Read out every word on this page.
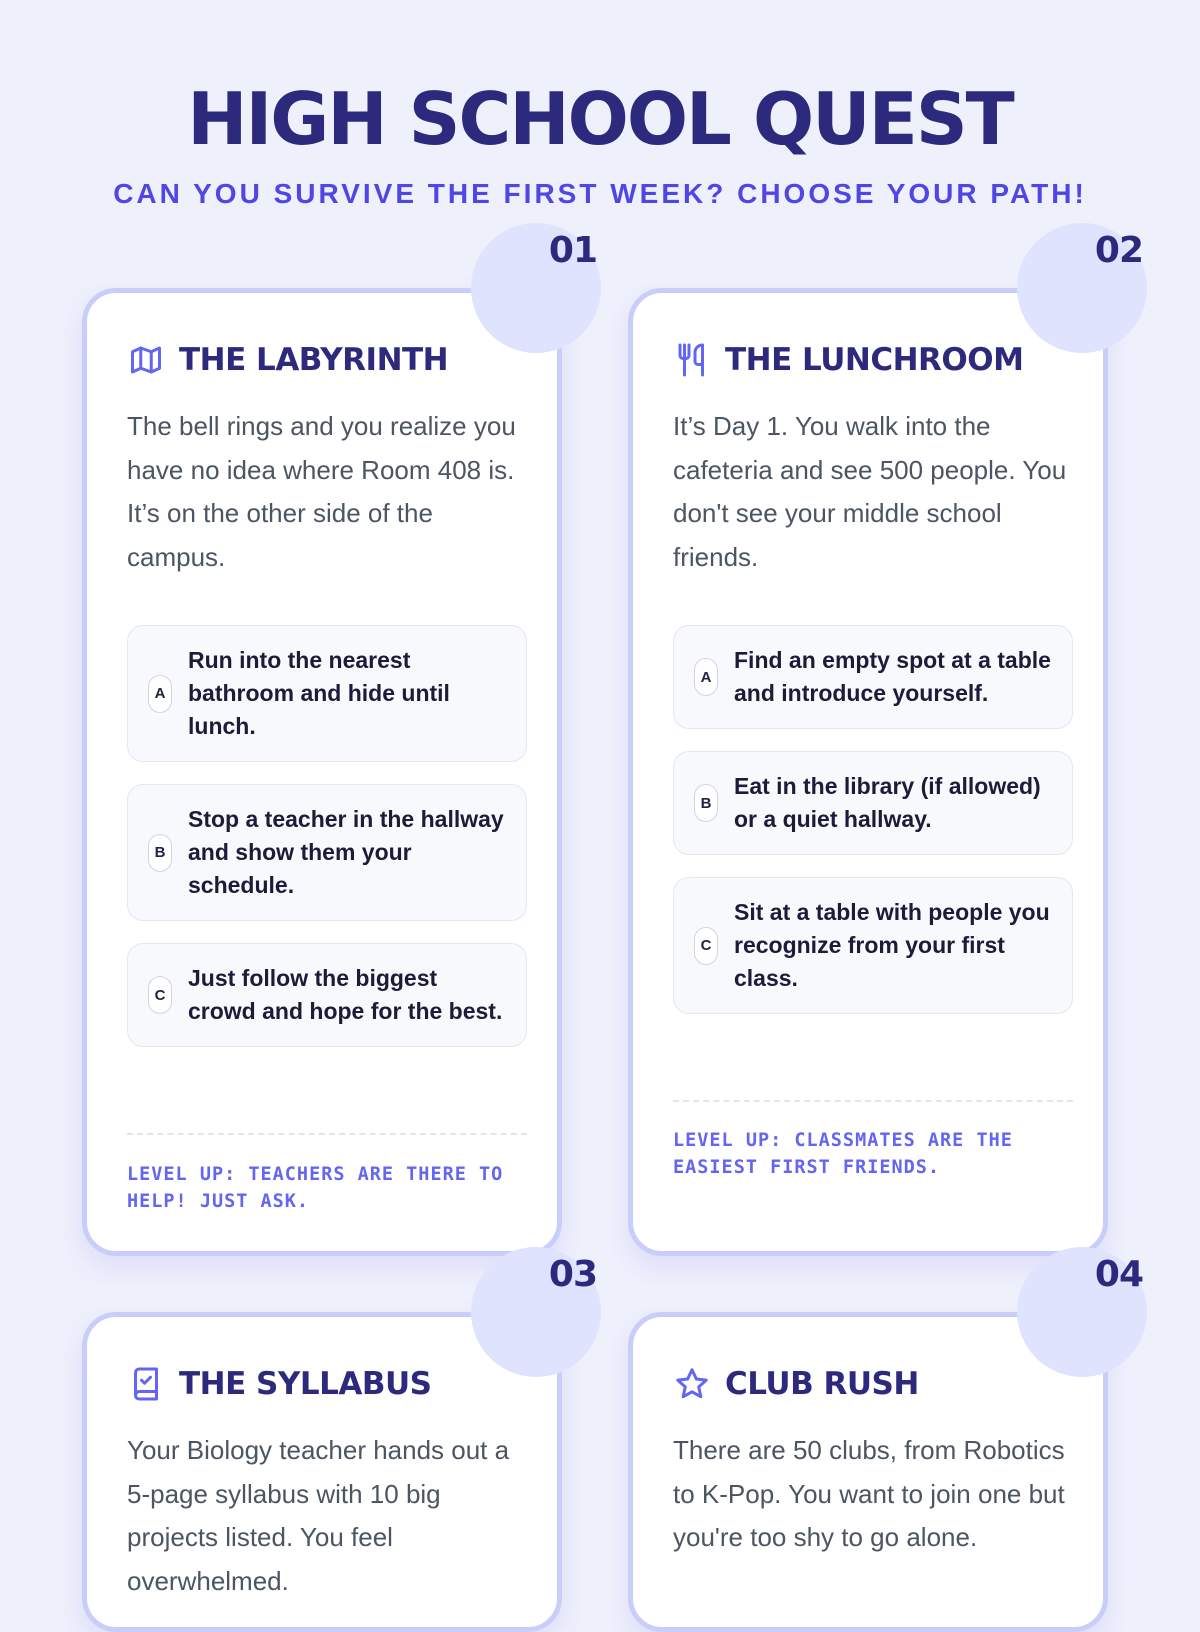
HIGH SCHOOL QUEST

CAN YOU SURVIVE THE FIRST WEEK? CHOOSE YOUR PATH!

01
THE LABYRINTH

The bell rings and you realize you have no idea where Room 408 is. It’s on the other side of the campus.

A
Run into the nearest bathroom and hide until lunch.
B
Stop a teacher in the hallway and show them your schedule.
C
Just follow the biggest crowd and hope for the best.

LEVEL UP: TEACHERS ARE THERE TO HELP! JUST ASK.

02
THE LUNCHROOM

It’s Day 1. You walk into the cafeteria and see 500 people. You don't see your middle school friends.

A
Find an empty spot at a table and introduce yourself.
B
Eat in the library (if allowed) or a quiet hallway.
C
Sit at a table with people you recognize from your first class.

LEVEL UP: CLASSMATES ARE THE EASIEST FIRST FRIENDS.

03
THE SYLLABUS

Your Biology teacher hands out a 5-page syllabus with 10 big projects listed. You feel overwhelmed.

04
CLUB RUSH

There are 50 clubs, from Robotics to K-Pop. You want to join one but you're too shy to go alone.
